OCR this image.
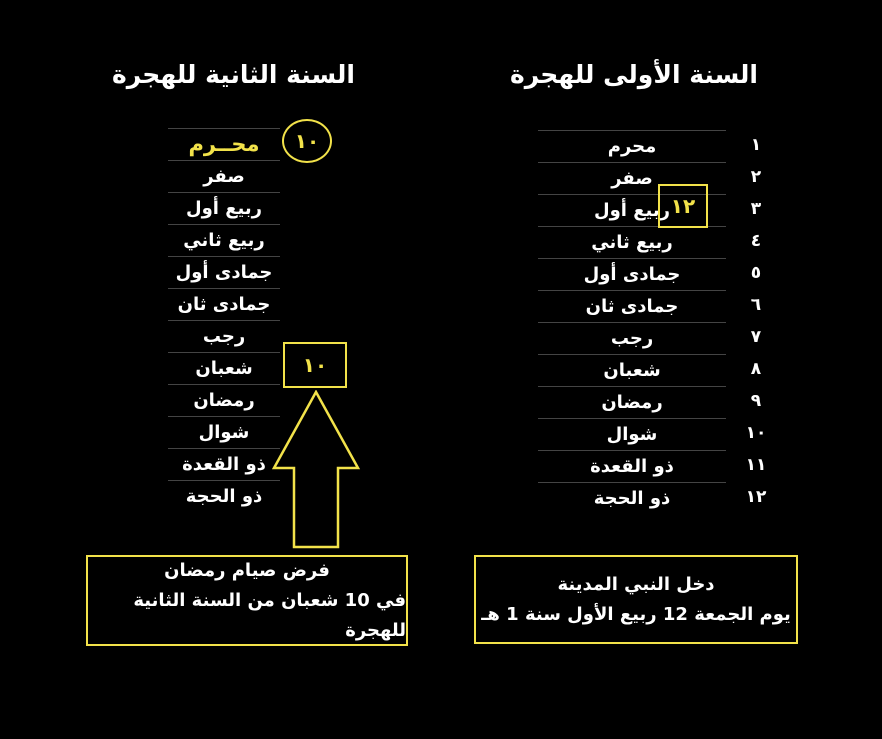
السنة الثانية للهجرة	السنة الأولى للهجرة
محــرم
صفر
ربيع أول
ربيع ثاني
جمادى أول
جمادى ثان
رجب
شعبان
رمضان
شوال
ذو القعدة
ذو الحجة
١٠
١٠
محرم
صفر
ربيع أول
ربيع ثاني
جمادى أول
جمادى ثان
رجب
شعبان
رمضان
شوال
ذو القعدة
ذو الحجة
١
٢
٣
٤
٥
٦
٧
٨
٩
١٠
١١
١٢
١٢
فرض صيام رمضان
في 10 شعبان من السنة الثانية للهجرة
دخل النبي المدينة
يوم الجمعة 12 ربيع الأول سنة 1 هـ
